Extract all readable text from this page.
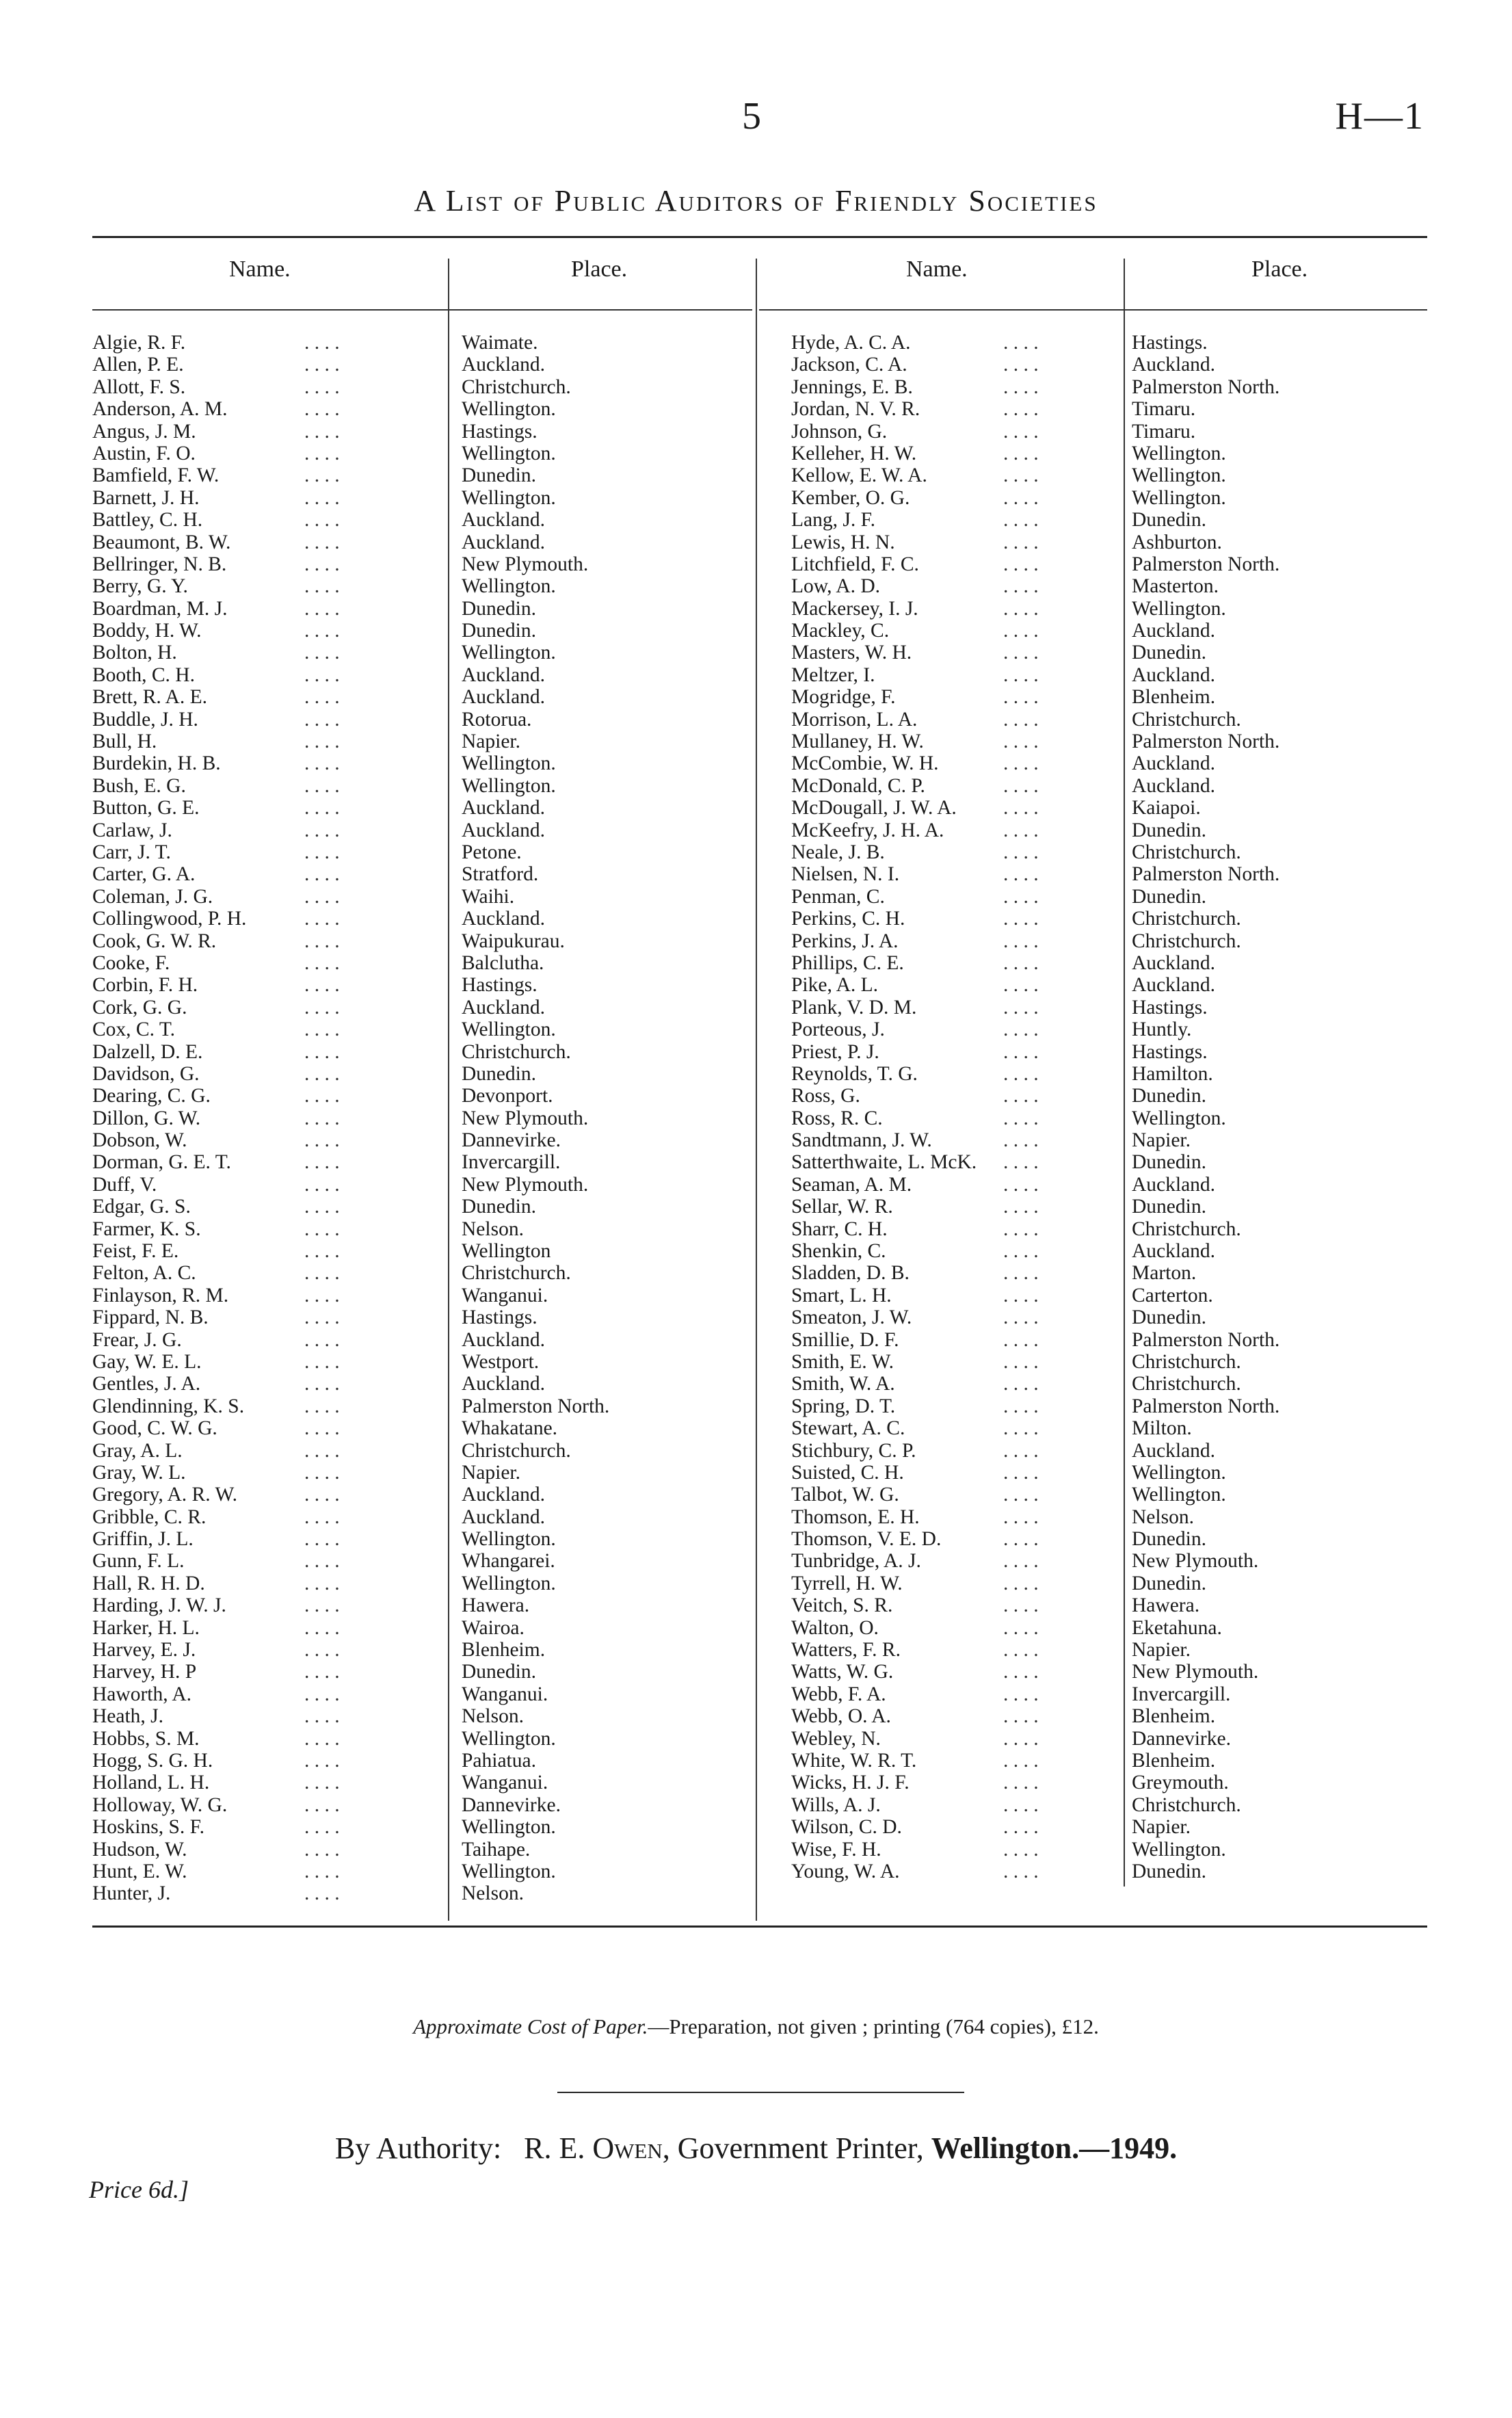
5	H—1
A List of Public Auditors of Friendly Societies
Name.	Place.	Name.	Place.
Algie, R. F.	. . . .	Waimate.
Allen, P. E.	. . . .	Auckland.
Allott, F. S.	. . . .	Christchurch.
Anderson, A. M.	. . . .	Wellington.
Angus, J. M.	. . . .	Hastings.
Austin, F. O.	. . . .	Wellington.
Bamfield, F. W.	. . . .	Dunedin.
Barnett, J. H.	. . . .	Wellington.
Battley, C. H.	. . . .	Auckland.
Beaumont, B. W.	. . . .	Auckland.
Bellringer, N. B.	. . . .	New Plymouth.
Berry, G. Y.	. . . .	Wellington.
Boardman, M. J.	. . . .	Dunedin.
Boddy, H. W.	. . . .	Dunedin.
Bolton, H.	. . . .	Wellington.
Booth, C. H.	. . . .	Auckland.
Brett, R. A. E.	. . . .	Auckland.
Buddle, J. H.	. . . .	Rotorua.
Bull, H.	. . . .	Napier.
Burdekin, H. B.	. . . .	Wellington.
Bush, E. G.	. . . .	Wellington.
Button, G. E.	. . . .	Auckland.
Carlaw, J.	. . . .	Auckland.
Carr, J. T.	. . . .	Petone.
Carter, G. A.	. . . .	Stratford.
Coleman, J. G.	. . . .	Waihi.
Collingwood, P. H.	. . . .	Auckland.
Cook, G. W. R.	. . . .	Waipukurau.
Cooke, F.	. . . .	Balclutha.
Corbin, F. H.	. . . .	Hastings.
Cork, G. G.	. . . .	Auckland.
Cox, C. T.	. . . .	Wellington.
Dalzell, D. E.	. . . .	Christchurch.
Davidson, G.	. . . .	Dunedin.
Dearing, C. G.	. . . .	Devonport.
Dillon, G. W.	. . . .	New Plymouth.
Dobson, W.	. . . .	Dannevirke.
Dorman, G. E. T.	. . . .	Invercargill.
Duff, V.	. . . .	New Plymouth.
Edgar, G. S.	. . . .	Dunedin.
Farmer, K. S.	. . . .	Nelson.
Feist, F. E.	. . . .	Wellington
Felton, A. C.	. . . .	Christchurch.
Finlayson, R. M.	. . . .	Wanganui.
Fippard, N. B.	. . . .	Hastings.
Frear, J. G.	. . . .	Auckland.
Gay, W. E. L.	. . . .	Westport.
Gentles, J. A.	. . . .	Auckland.
Glendinning, K. S.	. . . .	Palmerston North.
Good, C. W. G.	. . . .	Whakatane.
Gray, A. L.	. . . .	Christchurch.
Gray, W. L.	. . . .	Napier.
Gregory, A. R. W.	. . . .	Auckland.
Gribble, C. R.	. . . .	Auckland.
Griffin, J. L.	. . . .	Wellington.
Gunn, F. L.	. . . .	Whangarei.
Hall, R. H. D.	. . . .	Wellington.
Harding, J. W. J.	. . . .	Hawera.
Harker, H. L.	. . . .	Wairoa.
Harvey, E. J.	. . . .	Blenheim.
Harvey, H. P	. . . .	Dunedin.
Haworth, A.	. . . .	Wanganui.
Heath, J.	. . . .	Nelson.
Hobbs, S. M.	. . . .	Wellington.
Hogg, S. G. H.	. . . .	Pahiatua.
Holland, L. H.	. . . .	Wanganui.
Holloway, W. G.	. . . .	Dannevirke.
Hoskins, S. F.	. . . .	Wellington.
Hudson, W.	. . . .	Taihape.
Hunt, E. W.	. . . .	Wellington.
Hunter, J.	. . . .	Nelson.
Hyde, A. C. A.	. . . .	Hastings.
Jackson, C. A.	. . . .	Auckland.
Jennings, E. B.	. . . .	Palmerston North.
Jordan, N. V. R.	. . . .	Timaru.
Johnson, G.	. . . .	Timaru.
Kelleher, H. W.	. . . .	Wellington.
Kellow, E. W. A.	. . . .	Wellington.
Kember, O. G.	. . . .	Wellington.
Lang, J. F.	. . . .	Dunedin.
Lewis, H. N.	. . . .	Ashburton.
Litchfield, F. C.	. . . .	Palmerston North.
Low, A. D.	. . . .	Masterton.
Mackersey, I. J.	. . . .	Wellington.
Mackley, C.	. . . .	Auckland.
Masters, W. H.	. . . .	Dunedin.
Meltzer, I.	. . . .	Auckland.
Mogridge, F.	. . . .	Blenheim.
Morrison, L. A.	. . . .	Christchurch.
Mullaney, H. W.	. . . .	Palmerston North.
McCombie, W. H.	. . . .	Auckland.
McDonald, C. P.	. . . .	Auckland.
McDougall, J. W. A. . . . .	Kaiapoi.
McKeefry, J. H. A.	. . . .	Dunedin.
Neale, J. B.	. . . .	Christchurch.
Nielsen, N. I.	. . . .	Palmerston North.
Penman, C.	. . . .	Dunedin.
Perkins, C. H.	. . . .	Christchurch.
Perkins, J. A.	. . . .	Christchurch.
Phillips, C. E.	. . . .	Auckland.
Pike, A. L.	. . . .	Auckland.
Plank, V. D. M.	. . . .	Hastings.
Porteous, J.	. . . .	Huntly.
Priest, P. J.	. . . .	Hastings.
Reynolds, T. G.	. . . .	Hamilton.
Ross, G.	. . . .	Dunedin.
Ross, R. C.	. . . .	Wellington.
Sandtmann, J. W.	. . . .	Napier.
Satterthwaite, L. McK. . . . .	Dunedin.
Seaman, A. M.	. . . .	Auckland.
Sellar, W. R.	. . . .	Dunedin.
Sharr, C. H.	. . . .	Christchurch.
Shenkin, C.	. . . .	Auckland.
Sladden, D. B.	. . . .	Marton.
Smart, L. H.	. . . .	Carterton.
Smeaton, J. W.	. . . .	Dunedin.
Smillie, D. F.	. . . .	Palmerston North.
Smith, E. W.	. . . .	Christchurch.
Smith, W. A.	. . . .	Christchurch.
Spring, D. T.	. . . .	Palmerston North.
Stewart, A. C.	. . . .	Milton.
Stichbury, C. P.	. . . .	Auckland.
Suisted, C. H.	. . . .	Wellington.
Talbot, W. G.	. . . .	Wellington.
Thomson, E. H.	. . . .	Nelson.
Thomson, V. E. D.	. . . .	Dunedin.
Tunbridge, A. J.	. . . .	New Plymouth.
Tyrrell, H. W.	. . . .	Dunedin.
Veitch, S. R.	. . . .	Hawera.
Walton, O.	. . . .	Eketahuna.
Watters, F. R.	. . . .	Napier.
Watts, W. G.	. . . .	New Plymouth.
Webb, F. A.	. . . .	Invercargill.
Webb, O. A.	. . . .	Blenheim.
Webley, N.	. . . .	Dannevirke.
White, W. R. T.	. . . .	Blenheim.
Wicks, H. J. F.	. . . .	Greymouth.
Wills, A. J.	. . . .	Christchurch.
Wilson, C. D.	. . . .	Napier.
Wise, F. H.	. . . .	Wellington.
Young, W. A.	. . . .	Dunedin.
Approximate Cost of Paper.—Preparation, not given ; printing (764 copies), £12.
By Authority: R. E. Owen, Government Printer, Wellington.—1949.
Price 6d.]
